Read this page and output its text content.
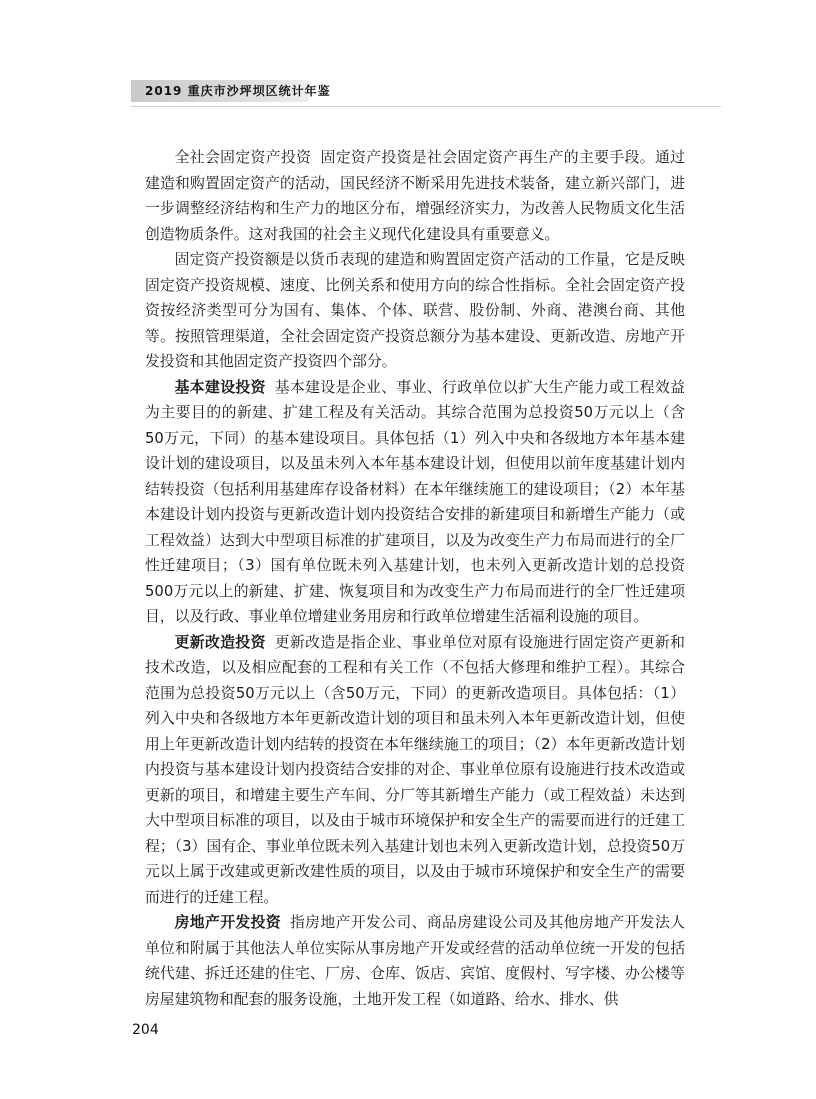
2019 重庆市沙坪坝区统计年鉴

全社会固定资产投资 固定资产投资是社会固定资产再生产的主要手段。通过建造和购置固定资产的活动，国民经济不断采用先进技术装备，建立新兴部门，进一步调整经济结构和生产力的地区分布，增强经济实力，为改善人民物质文化生活创造物质条件。这对我国的社会主义现代化建设具有重要意义。

固定资产投资额是以货币表现的建造和购置固定资产活动的工作量，它是反映固定资产投资规模、速度、比例关系和使用方向的综合性指标。全社会固定资产投资按经济类型可分为国有、集体、个体、联营、股份制、外商、港澳台商、其他等。按照管理渠道，全社会固定资产投资总额分为基本建设、更新改造、房地产开发投资和其他固定资产投资四个部分。

基本建设投资 基本建设是企业、事业、行政单位以扩大生产能力或工程效益为主要目的的新建、扩建工程及有关活动。其综合范围为总投资50万元以上（含50万元，下同）的基本建设项目。具体包括（1）列入中央和各级地方本年基本建设计划的建设项目，以及虽未列入本年基本建设计划，但使用以前年度基建计划内结转投资（包括利用基建库存设备材料）在本年继续施工的建设项目；（2）本年基本建设计划内投资与更新改造计划内投资结合安排的新建项目和新增生产能力（或工程效益）达到大中型项目标准的扩建项目，以及为改变生产力布局而进行的全厂性迁建项目；（3）国有单位既未列入基建计划，也未列入更新改造计划的总投资500万元以上的新建、扩建、恢复项目和为改变生产力布局而进行的全厂性迁建项目，以及行政、事业单位增建业务用房和行政单位增建生活福利设施的项目。

更新改造投资 更新改造是指企业、事业单位对原有设施进行固定资产更新和技术改造，以及相应配套的工程和有关工作（不包括大修理和维护工程）。其综合范围为总投资50万元以上（含50万元，下同）的更新改造项目。具体包括：（1）列入中央和各级地方本年更新改造计划的项目和虽未列入本年更新改造计划，但使用上年更新改造计划内结转的投资在本年继续施工的项目；（2）本年更新改造计划内投资与基本建设计划内投资结合安排的对企、事业单位原有设施进行技术改造或更新的项目，和增建主要生产车间、分厂等其新增生产能力（或工程效益）未达到大中型项目标准的项目，以及由于城市环境保护和安全生产的需要而进行的迁建工程；（3）国有企、事业单位既未列入基建计划也未列入更新改造计划，总投资50万元以上属于改建或更新改建性质的项目，以及由于城市环境保护和安全生产的需要而进行的迁建工程。

房地产开发投资 指房地产开发公司、商品房建设公司及其他房地产开发法人单位和附属于其他法人单位实际从事房地产开发或经营的活动单位统一开发的包括统代建、拆迁还建的住宅、厂房、仓库、饭店、宾馆、度假村、写字楼、办公楼等房屋建筑物和配套的服务设施，土地开发工程（如道路、给水、排水、供

204
